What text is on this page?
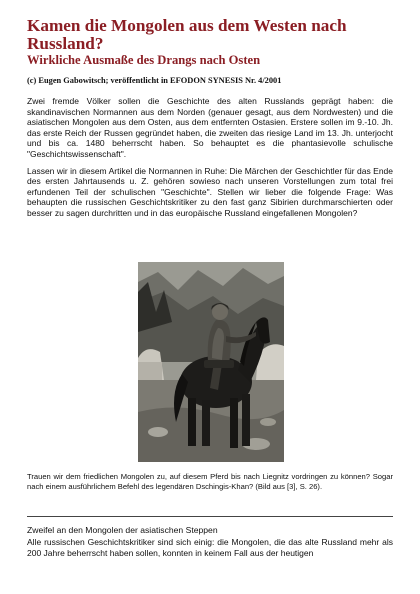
Kamen die Mongolen aus dem Westen nach Russland?
Wirkliche Ausmaße des Drangs nach Osten
(c) Eugen Gabowitsch; veröffentlicht in EFODON SYNESIS Nr. 4/2001

Zwei fremde Völker sollen die Geschichte des alten Russlands geprägt haben: die skandinavischen Normannen aus dem Norden (genauer gesagt, aus dem Nordwesten) und die asiatischen Mongolen aus dem Osten, aus dem entfernten Ostasien. Erstere sollen im 9.-10. Jh. das erste Reich der Russen gegründet haben, die zweiten das riesige Land im 13. Jh. unterjocht und bis ca. 1480 beherrscht haben. So behauptet es die phantasievolle schulische "Geschichtswissenschaft".

Lassen wir in diesem Artikel die Normannen in Ruhe: Die Märchen der Geschichtler für das Ende des ersten Jahrtausends u. Z. gehören sowieso nach unseren Vorstellungen zum total frei erfundenen Teil der schulischen "Geschichte". Stellen wir lieber die folgende Frage: Was behaupten die russischen Geschichtskritiker zu den fast ganz Sibirien durchmarschierten oder besser zu sagen durchritten und in das europäische Russland eingefallenen Mongolen?

Trauen wir dem friedlichen Mongolen zu, auf diesem Pferd bis nach Liegnitz vordringen zu können? Sogar nach einem ausführlichem Befehl des legendären Dschingis-Khan? (Bild aus [3], S. 26).

Zweifel an den Mongolen der asiatischen Steppen

Alle russischen Geschichtskritiker sind sich einig: die Mongolen, die das alte Russland mehr als 200 Jahre beherrscht haben sollen, konnten in keinem Fall aus der heutigen
